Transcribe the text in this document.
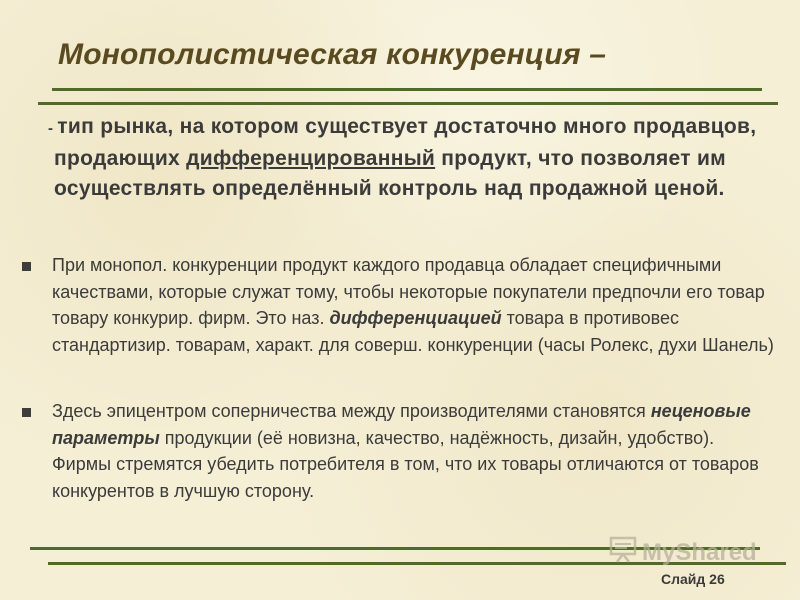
Монополистическая конкуренция –
- тип рынка, на котором существует достаточно много продавцов, продающих дифференцированный продукт, что позволяет им осуществлять определённый контроль над продажной ценой.
При монопол. конкуренции продукт каждого продавца обладает специфичными качествами, которые служат тому, чтобы некоторые покупатели предпочли его товар товару конкурир. фирм. Это наз. дифференциацией товара в противовес стандартизир. товарам, характ. для соверш. конкуренции (часы Ролекс, духи Шанель)
Здесь эпицентром соперничества между производителями становятся неценовые параметры продукции (её новизна, качество, надёжность, дизайн, удобство). Фирмы стремятся убедить потребителя в том, что их товары отличаются от товаров конкурентов в лучшую сторону.
MyShared
Слайд 26
